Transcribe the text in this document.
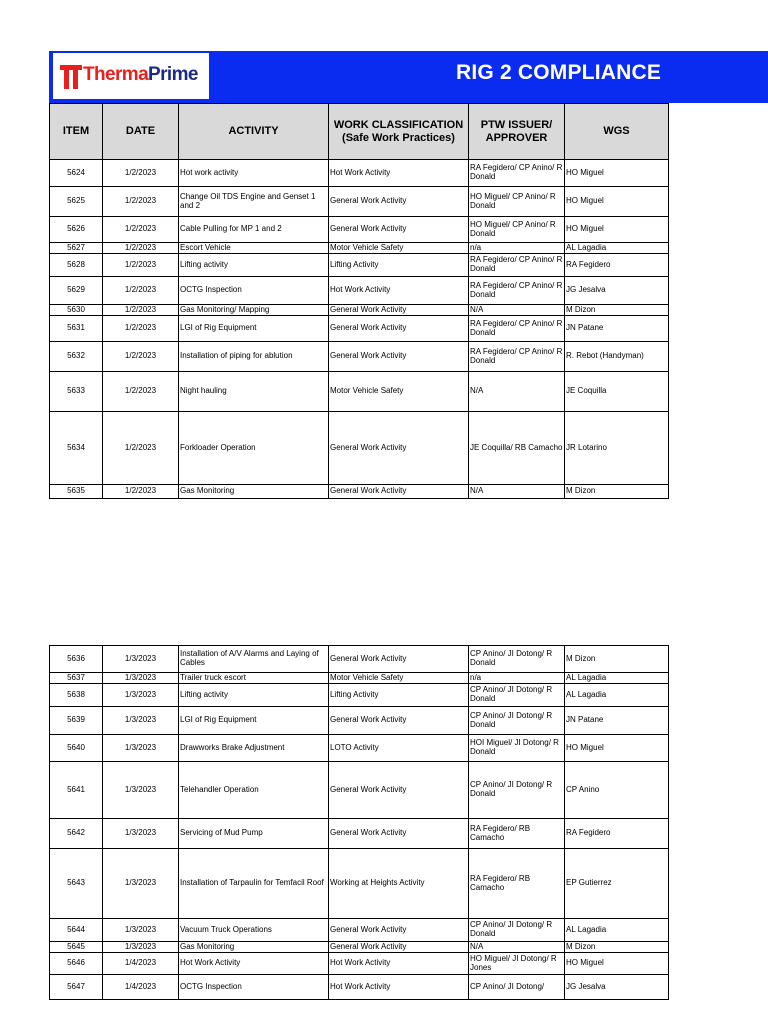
ThermaPrime	RIG 2 COMPLIANCE
ITEM	DATE	ACTIVITY	WORK CLASSIFICATION (Safe Work Practices)	PTW ISSUER/ APPROVER	WGS
5624	1/2/2023	Hot work activity	Hot Work Activity	RA Fegidero/ CP Anino/ R Donald	HO Miguel
5625	1/2/2023	Change Oil TDS Engine and Genset 1 and 2	General Work Activity	HO Miguel/ CP Anino/ R Donald	HO Miguel
5626	1/2/2023	Cable Pulling for MP 1 and 2	General Work Activity	HO Miguel/ CP Anino/ R Donald	HO Miguel
5627	1/2/2023	Escort Vehicle	Motor Vehicle Safety	n/a	AL Lagadia
5628	1/2/2023	Lifting activity	Lifting Activity	RA Fegidero/ CP Anino/ R Donald	RA Fegidero
5629	1/2/2023	OCTG Inspection	Hot Work Activity	RA Fegidero/ CP Anino/ R Donald	JG Jesalva
5630	1/2/2023	Gas Monitoring/ Mapping	General Work Activity	N/A	M Dizon
5631	1/2/2023	LGI of Rig Equipment	General Work Activity	RA Fegidero/ CP Anino/ R Donald	JN Patane
5632	1/2/2023	Installation of piping for ablution	General Work Activity	RA Fegidero/ CP Anino/ R Donald	R. Rebot (Handyman)
5633	1/2/2023	Night hauling	Motor Vehicle Safety	N/A	JE Coquilla
5634	1/2/2023	Forkloader Operation	General Work Activity	JE Coquilla/ RB Camacho	JR Lotarino
5635	1/2/2023	Gas Monitoring	General Work Activity	N/A	M Dizon
5636	1/3/2023	Installation of A/V Alarms and Laying of Cables	General Work Activity	CP Anino/ JI Dotong/ R Donald	M Dizon
5637	1/3/2023	Trailer truck escort	Motor Vehicle Safety	n/a	AL Lagadia
5638	1/3/2023	Lifting activity	Lifting Activity	CP Anino/ JI Dotong/ R Donald	AL Lagadia
5639	1/3/2023	LGI of Rig Equipment	General Work Activity	CP Anino/ JI Dotong/ R Donald	JN Patane
5640	1/3/2023	Drawworks Brake Adjustment	LOTO Activity	HOI Miguel/ JI Dotong/ R Donald	HO Miguel
5641	1/3/2023	Telehandler Operation	General Work Activity	CP Anino/ JI Dotong/ R Donald	CP Anino
5642	1/3/2023	Servicing of Mud Pump	General Work Activity	RA Fegidero/ RB Camacho	RA Fegidero
5643	1/3/2023	Installation of Tarpaulin for Temfacil Roof	Working at Heights Activity	RA Fegidero/ RB Camacho	EP Gutierrez
5644	1/3/2023	Vacuum Truck Operations	General Work Activity	CP Anino/ JI Dotong/ R Donald	AL Lagadia
5645	1/3/2023	Gas Monitoring	General Work Activity	N/A	M Dizon
5646	1/4/2023	Hot Work Activity	Hot Work Activity	HO Miguel/ JI Dotong/ R Jones	HO Miguel
5647	1/4/2023	OCTG Inspection	Hot Work Activity	CP Anino/ JI Dotong/	JG Jesalva
